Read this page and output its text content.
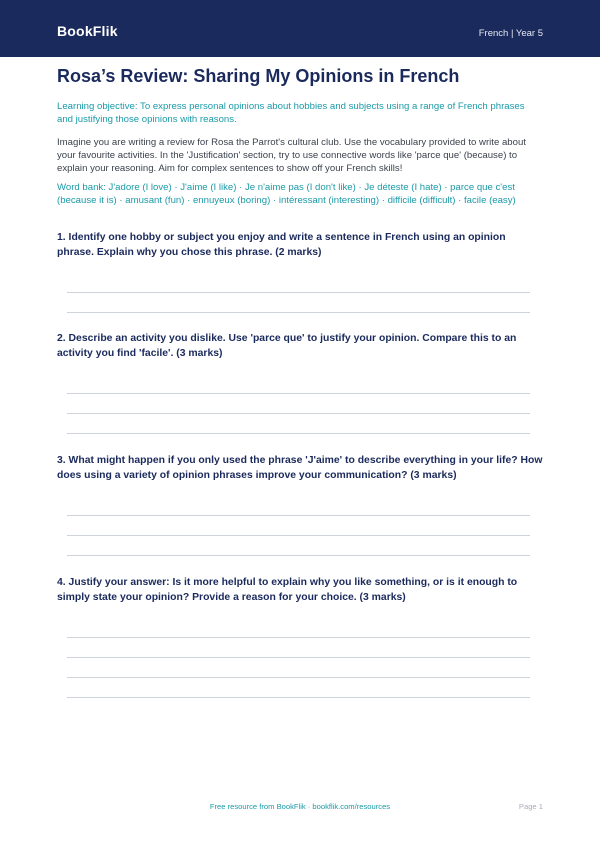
BookFlik	French | Year 5
Rosa’s Review: Sharing My Opinions in French

Learning objective: To express personal opinions about hobbies and subjects using a range of French phrases and justifying those opinions with reasons.

Imagine you are writing a review for Rosa the Parrot's cultural club. Use the vocabulary provided to write about your favourite activities. In the 'Justification' section, try to use connective words like 'parce que' (because) to explain your reasoning. Aim for complex sentences to show off your French skills!

Word bank: J'adore (I love) · J'aime (I like) · Je n'aime pas (I don't like) · Je déteste (I hate) · parce que c'est (because it is) · amusant (fun) · ennuyeux (boring) · intéressant (interesting) · difficile (difficult) · facile (easy)

1. Identify one hobby or subject you enjoy and write a sentence in French using an opinion phrase. Explain why you chose this phrase. (2 marks)
2. Describe an activity you dislike. Use 'parce que' to justify your opinion. Compare this to an activity you find 'facile'. (3 marks)
3. What might happen if you only used the phrase 'J'aime' to describe everything in your life? How does using a variety of opinion phrases improve your communication? (3 marks)
4. Justify your answer: Is it more helpful to explain why you like something, or is it enough to simply state your opinion? Provide a reason for your choice. (3 marks)
Free resource from BookFlik · bookflik.com/resources	Page 1
